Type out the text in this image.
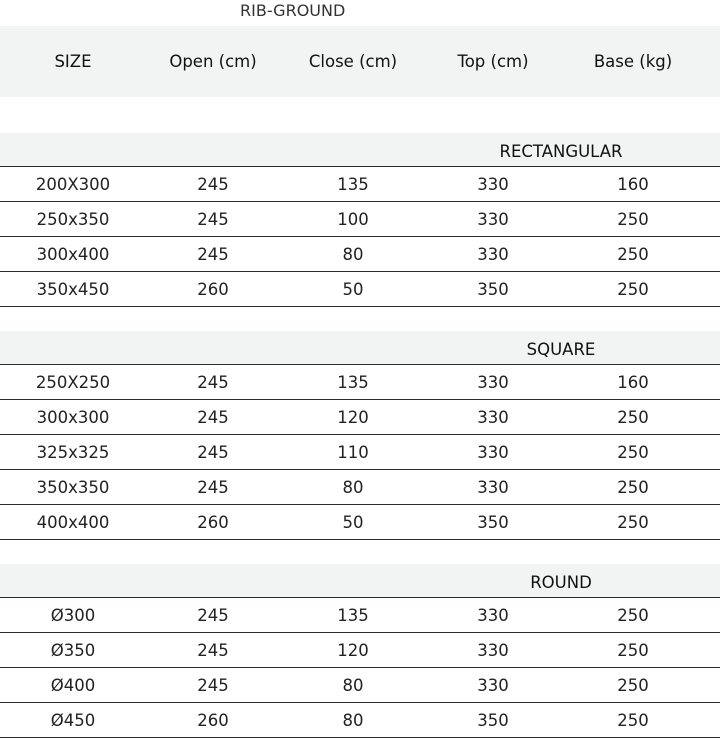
RIB-GROUND
SIZE	Open (cm)	Close (cm)	Top (cm)	Base (kg)
RECTANGULAR
200X300	245	135	330	160
250x350	245	100	330	250
300x400	245	80	330	250
350x450	260	50	350	250
SQUARE
250X250	245	135	330	160
300x300	245	120	330	250
325x325	245	110	330	250
350x350	245	80	330	250
400x400	260	50	350	250
ROUND
Ø300	245	135	330	250
Ø350	245	120	330	250
Ø400	245	80	330	250
Ø450	260	80	350	250
